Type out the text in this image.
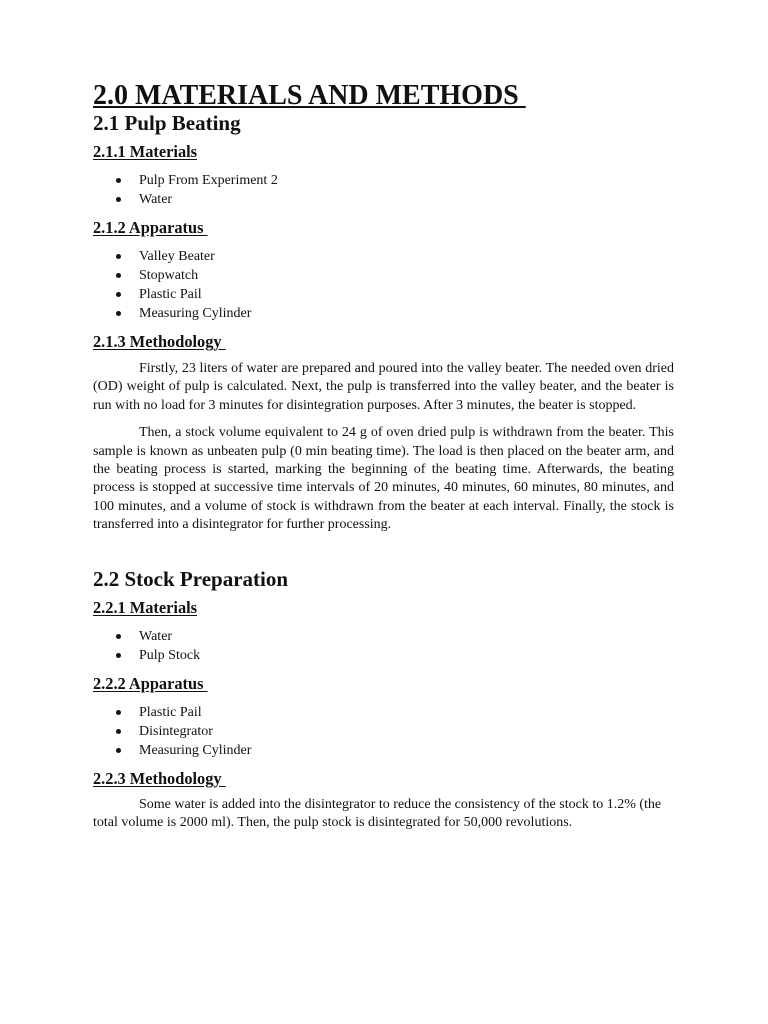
2.0 MATERIALS AND METHODS
2.1 Pulp Beating
2.1.1 Materials
Pulp From Experiment 2
Water
2.1.2 Apparatus
Valley Beater
Stopwatch
Plastic Pail
Measuring Cylinder
2.1.3 Methodology

Firstly, 23 liters of water are prepared and poured into the valley beater. The needed oven dried (OD) weight of pulp is calculated. Next, the pulp is transferred into the valley beater, and the beater is run with no load for 3 minutes for disintegration purposes. After 3 minutes, the beater is stopped.

Then, a stock volume equivalent to 24 g of oven dried pulp is withdrawn from the beater. This sample is known as unbeaten pulp (0 min beating time). The load is then placed on the beater arm, and the beating process is started, marking the beginning of the beating time. Afterwards, the beating process is stopped at successive time intervals of 20 minutes, 40 minutes, 60 minutes, 80 minutes, and 100 minutes, and a volume of stock is withdrawn from the beater at each interval. Finally, the stock is transferred into a disintegrator for further processing.

2.2 Stock Preparation
2.2.1 Materials
Water
Pulp Stock
2.2.2 Apparatus
Plastic Pail
Disintegrator
Measuring Cylinder
2.2.3 Methodology

Some water is added into the disintegrator to reduce the consistency of the stock to 1.2% (the total volume is 2000 ml). Then, the pulp stock is disintegrated for 50,000 revolutions.
